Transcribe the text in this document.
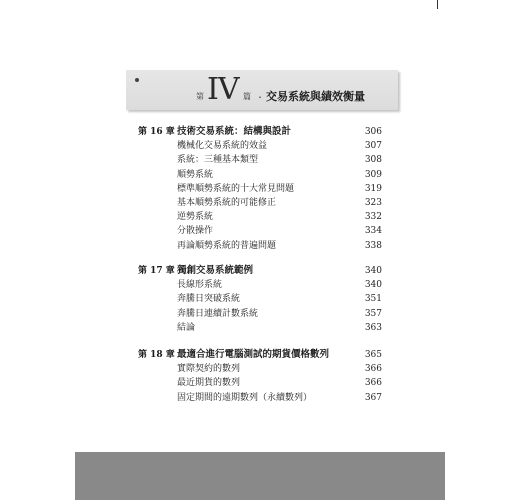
第 IV 篇 ・ 交易系統與績效衡量
第 16 章 技術交易系統：結構與設計	306
機械化交易系統的效益	307
系統：三種基本類型	308
順勢系統	309
標準順勢系統的十大常見問題	319
基本順勢系統的可能修正	323
逆勢系統	332
分散操作	334
再論順勢系統的普遍問題	338
第 17 章 獨創交易系統範例	340
長線形系統	340
奔騰日突破系統	351
奔騰日連續計數系統	357
結論	363
第 18 章 最適合進行電腦測試的期貨價格數列	365
實際契約的數列	366
最近期貨的數列	366
固定期間的遠期數列（永續數列）	367
